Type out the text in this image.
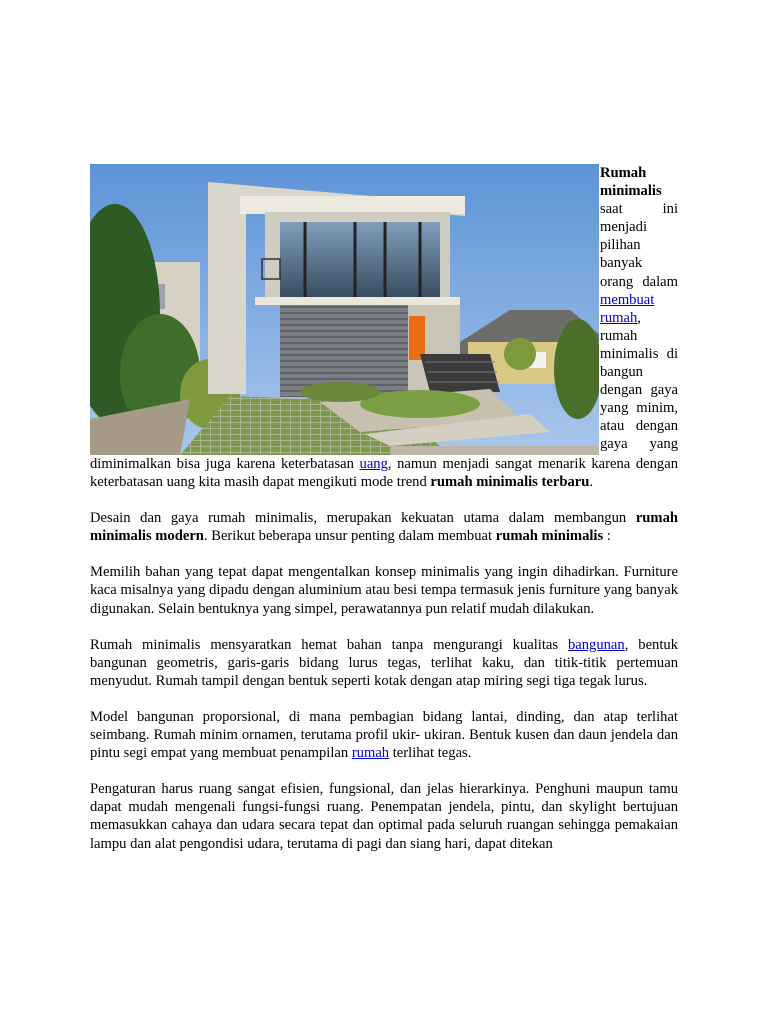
Rumah minimalis saat ini menjadi pilihan banyak orang dalam membuat rumah, rumah minimalis di bangun dengan gaya yang minim, atau dengan gaya yang diminimalkan bisa juga karena keterbatasan uang, namun menjadi sangat menarik karena dengan keterbatasan uang kita masih dapat mengikuti mode trend rumah minimalis terbaru.

Desain dan gaya rumah minimalis, merupakan kekuatan utama dalam membangun rumah minimalis modern. Berikut beberapa unsur penting dalam membuat rumah minimalis :

Memilih bahan yang tepat dapat mengentalkan konsep minimalis yang ingin dihadirkan. Furniture kaca misalnya yang dipadu dengan aluminium atau besi tempa termasuk jenis furniture yang banyak digunakan. Selain bentuknya yang simpel, perawatannya pun relatif mudah dilakukan.

Rumah minimalis mensyaratkan hemat bahan tanpa mengurangi kualitas bangunan, bentuk bangunan geometris, garis-garis bidang lurus tegas, terlihat kaku, dan titik-titik pertemuan menyudut. Rumah tampil dengan bentuk seperti kotak dengan atap miring segi tiga tegak lurus.

Model bangunan proporsional, di mana pembagian bidang lantai, dinding, dan atap terlihat seimbang. Rumah minim ornamen, terutama profil ukir- ukiran. Bentuk kusen dan daun jendela dan pintu segi empat yang membuat penampilan rumah terlihat tegas.

Pengaturan harus ruang sangat efisien, fungsional, dan jelas hierarkinya. Penghuni maupun tamu dapat mudah mengenali fungsi-fungsi ruang. Penempatan jendela, pintu, dan skylight bertujuan memasukkan cahaya dan udara secara tepat dan optimal pada seluruh ruangan sehingga pemakaian lampu dan alat pengondisi udara, terutama di pagi dan siang hari, dapat ditekan
